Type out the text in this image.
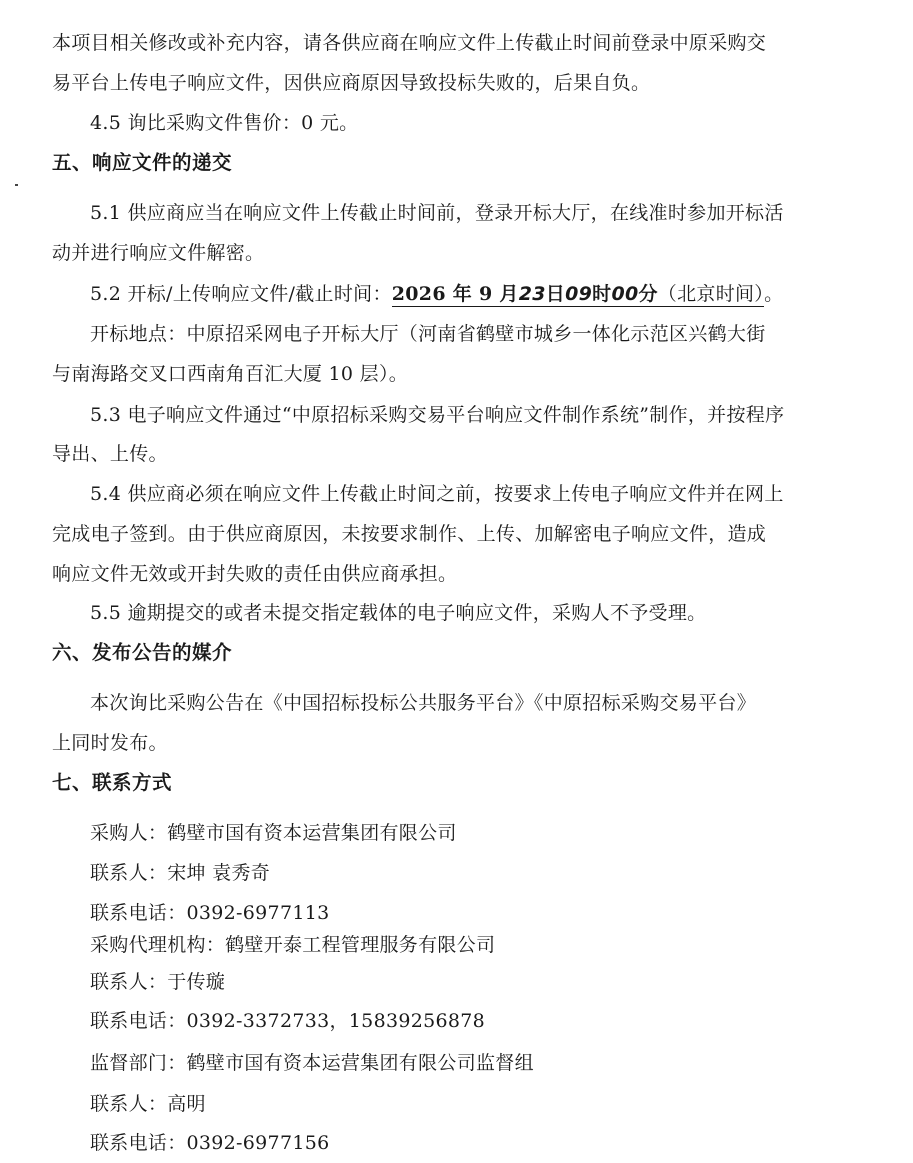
本项目相关修改或补充内容，请各供应商在响应文件上传截止时间前登录中原采购交
易平台上传电子响应文件，因供应商原因导致投标失败的，后果自负。
4.5 询比采购文件售价：0 元。
五、响应文件的递交
5.1 供应商应当在响应文件上传截止时间前，登录开标大厅，在线准时参加开标活
动并进行响应文件解密。
5.2 开标/上传响应文件/截止时间：2026 年 9 月23日09时00分（北京时间）。
开标地点：中原招采网电子开标大厅（河南省鹤壁市城乡一体化示范区兴鹤大街
与南海路交叉口西南角百汇大厦 10 层）。
5.3 电子响应文件通过“中原招标采购交易平台响应文件制作系统”制作，并按程序
导出、上传。
5.4 供应商必须在响应文件上传截止时间之前，按要求上传电子响应文件并在网上
完成电子签到。由于供应商原因，未按要求制作、上传、加解密电子响应文件，造成
响应文件无效或开封失败的责任由供应商承担。
5.5 逾期提交的或者未提交指定载体的电子响应文件，采购人不予受理。
六、发布公告的媒介
本次询比采购公告在《中国招标投标公共服务平台》《中原招标采购交易平台》
上同时发布。
七、联系方式
采购人：鹤壁市国有资本运营集团有限公司
联系人：宋坤 袁秀奇
联系电话：0392-6977113
采购代理机构：鹤壁开泰工程管理服务有限公司
联系人：于传璇
联系电话：0392-3372733，15839256878
监督部门：鹤壁市国有资本运营集团有限公司监督组
联系人：高明
联系电话：0392-6977156
